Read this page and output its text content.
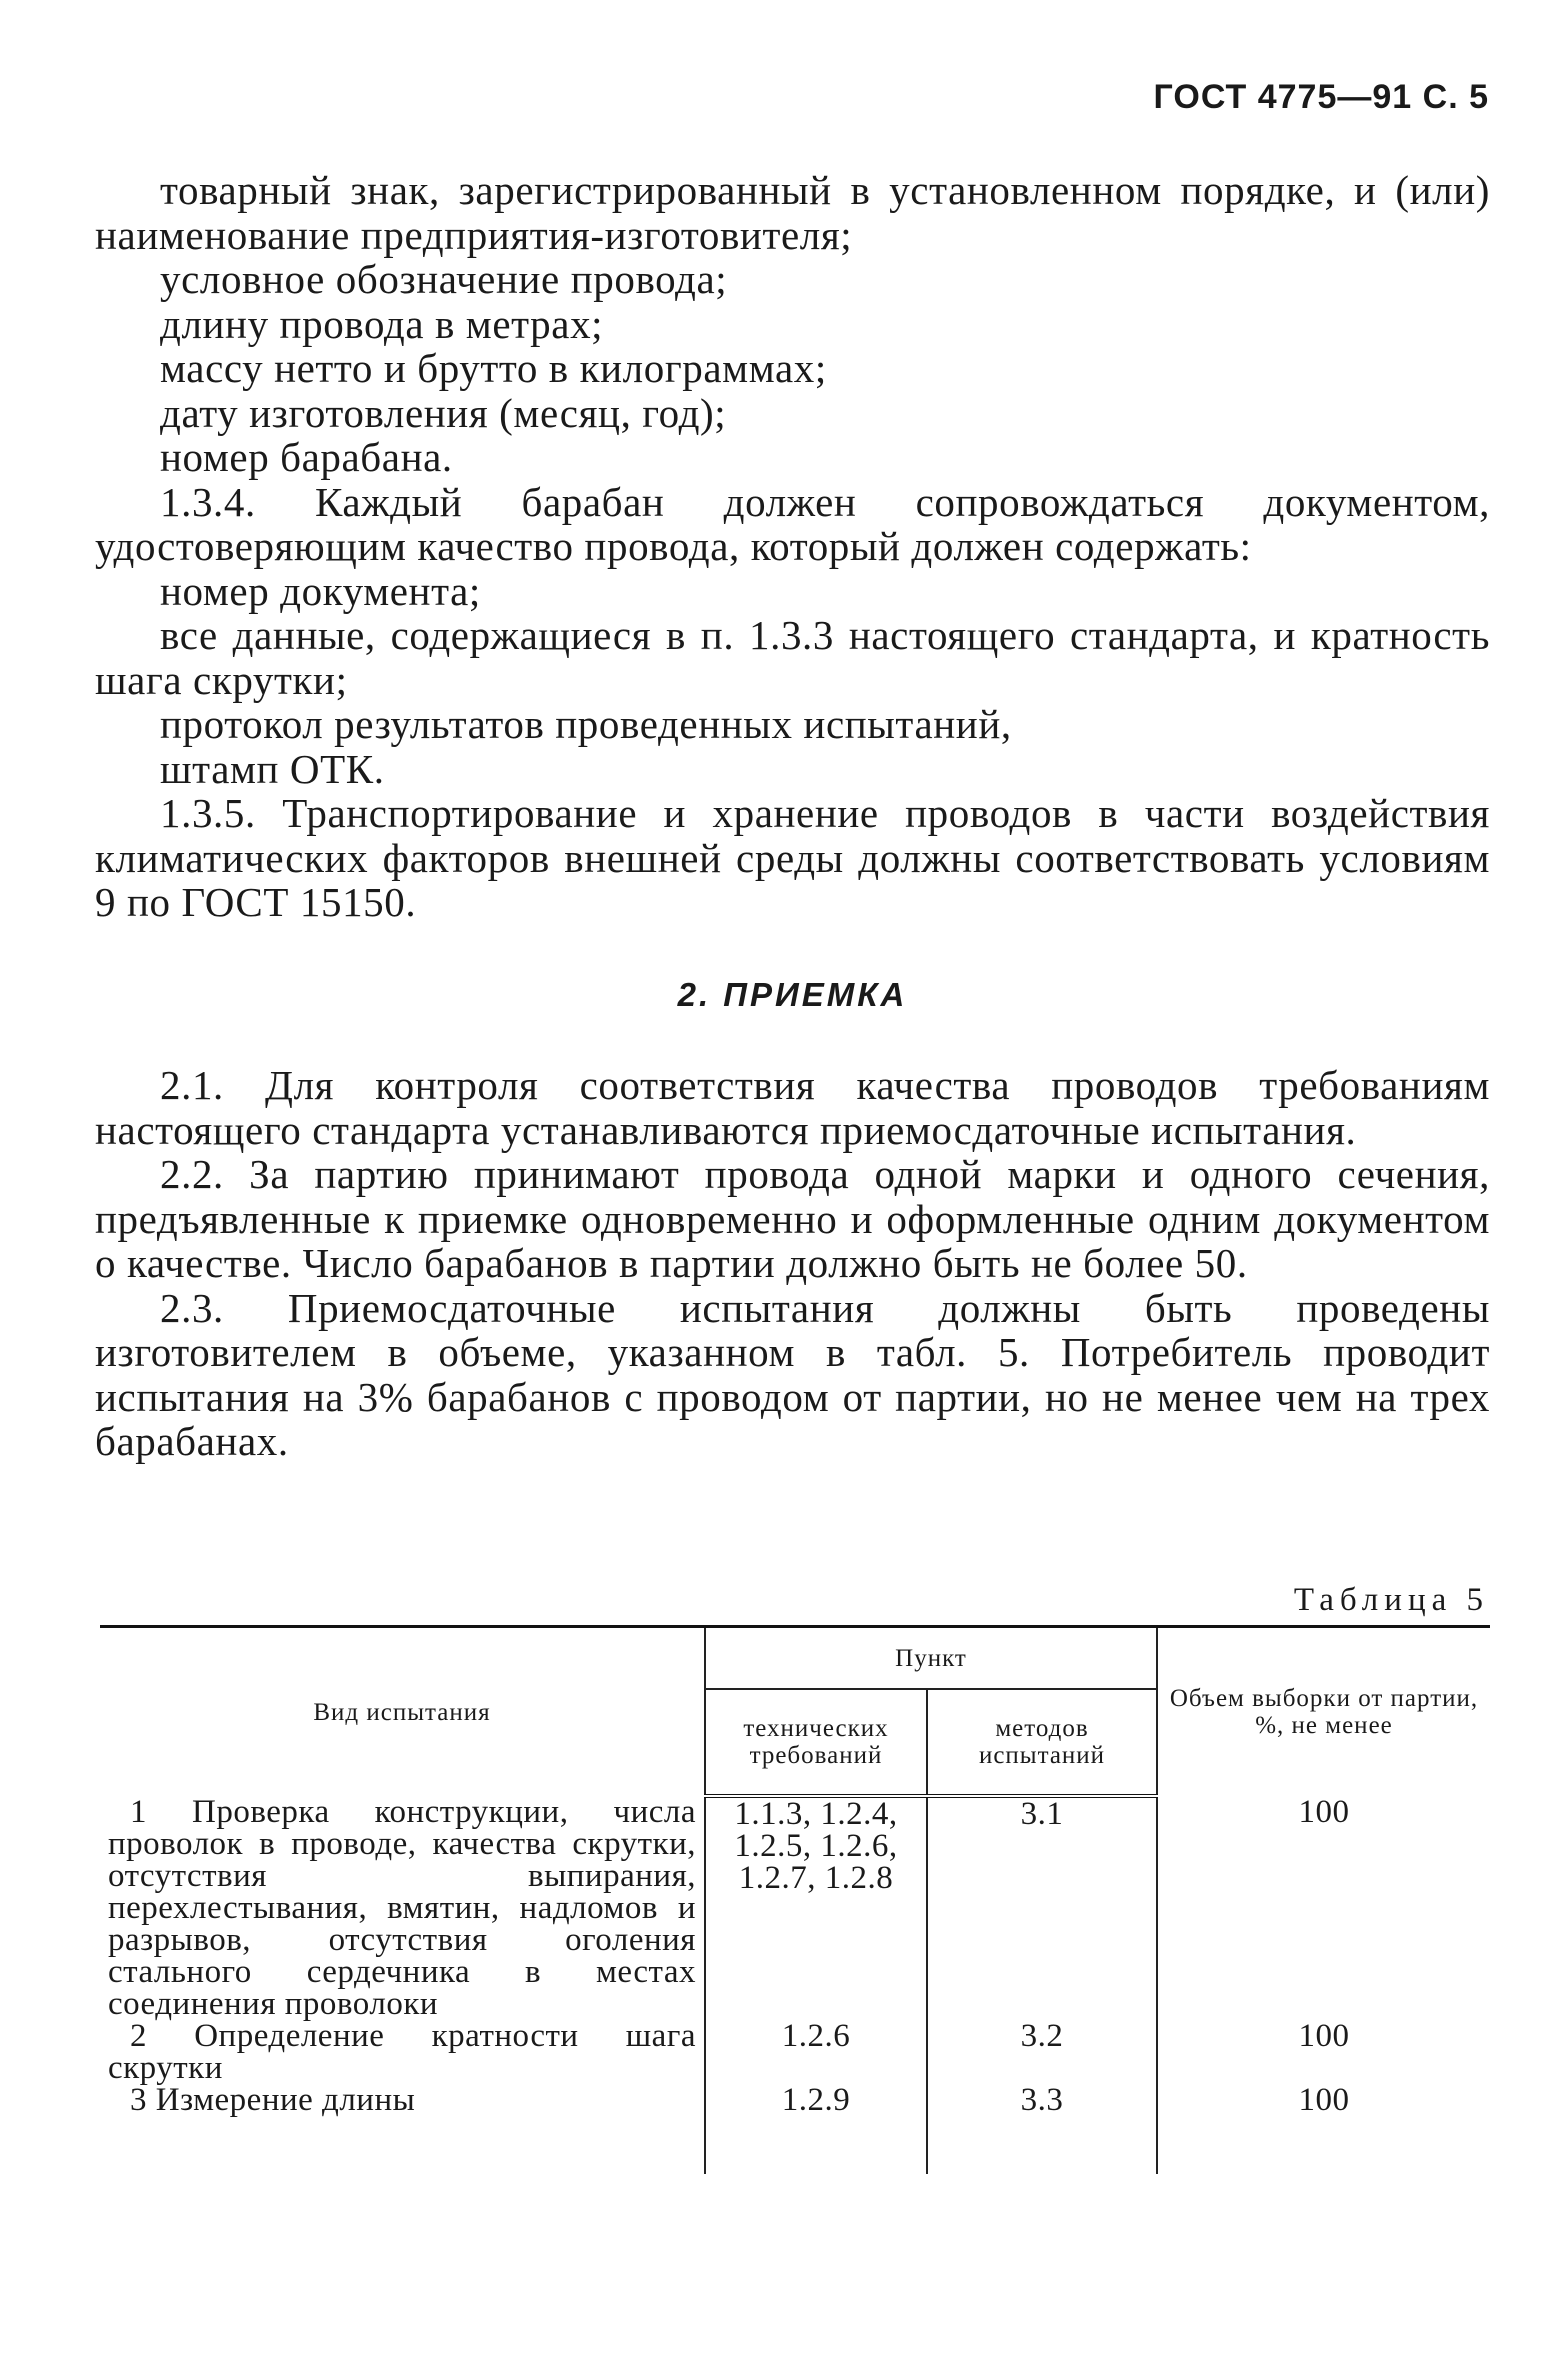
ГОСТ 4775—91 С. 5

товарный знак, зарегистрированный в установленном порядке, и (или) наименование предприятия-изготовителя;

условное обозначение провода;

длину провода в метрах;

массу нетто и брутто в килограммах;

дату изготовления (месяц, год);

номер барабана.

1.3.4. Каждый барабан должен сопровождаться документом, удостоверяющим качество провода, который должен содержать:

номер документа;

все данные, содержащиеся в п. 1.3.3 настоящего стандарта, и кратность шага скрутки;

протокол результатов проведенных испытаний,

штамп ОТК.

1.3.5. Транспортирование и хранение проводов в части воздействия климатических факторов внешней среды должны соответствовать условиям 9 по ГОСТ 15150.

2. ПРИЕМКА

2.1. Для контроля соответствия качества проводов требованиям настоящего стандарта устанавливаются приемосдаточные испытания.

2.2. За партию принимают провода одной марки и одного сечения, предъявленные к приемке одновременно и оформленные одним документом о качестве. Число барабанов в партии должно быть не более 50.

2.3. Приемосдаточные испытания должны быть проведены изготовителем в объеме, указанном в табл. 5. Потребитель проводит испытания на 3% барабанов с проводом от партии, но не менее чем на трех барабанах.

Таблица 5
Вид испытания	Пункт		Объем выборки от партии, %, не менее
	технических требований	методов испытаний	
1 Проверка конструкции, числа проволок в проводе, качества скрутки, отсутствия выпирания, перехлестывания, вмятин, надломов и разрывов, отсутствия оголения стального сердечника в местах соединения проволоки	1.1.3, 1.2.4, 1.2.5, 1.2.6, 1.2.7, 1.2.8	3.1	100
2 Определение кратности шага скрутки	1.2.6	3.2	100
3 Измерение длины	1.2.9	3.3	100
